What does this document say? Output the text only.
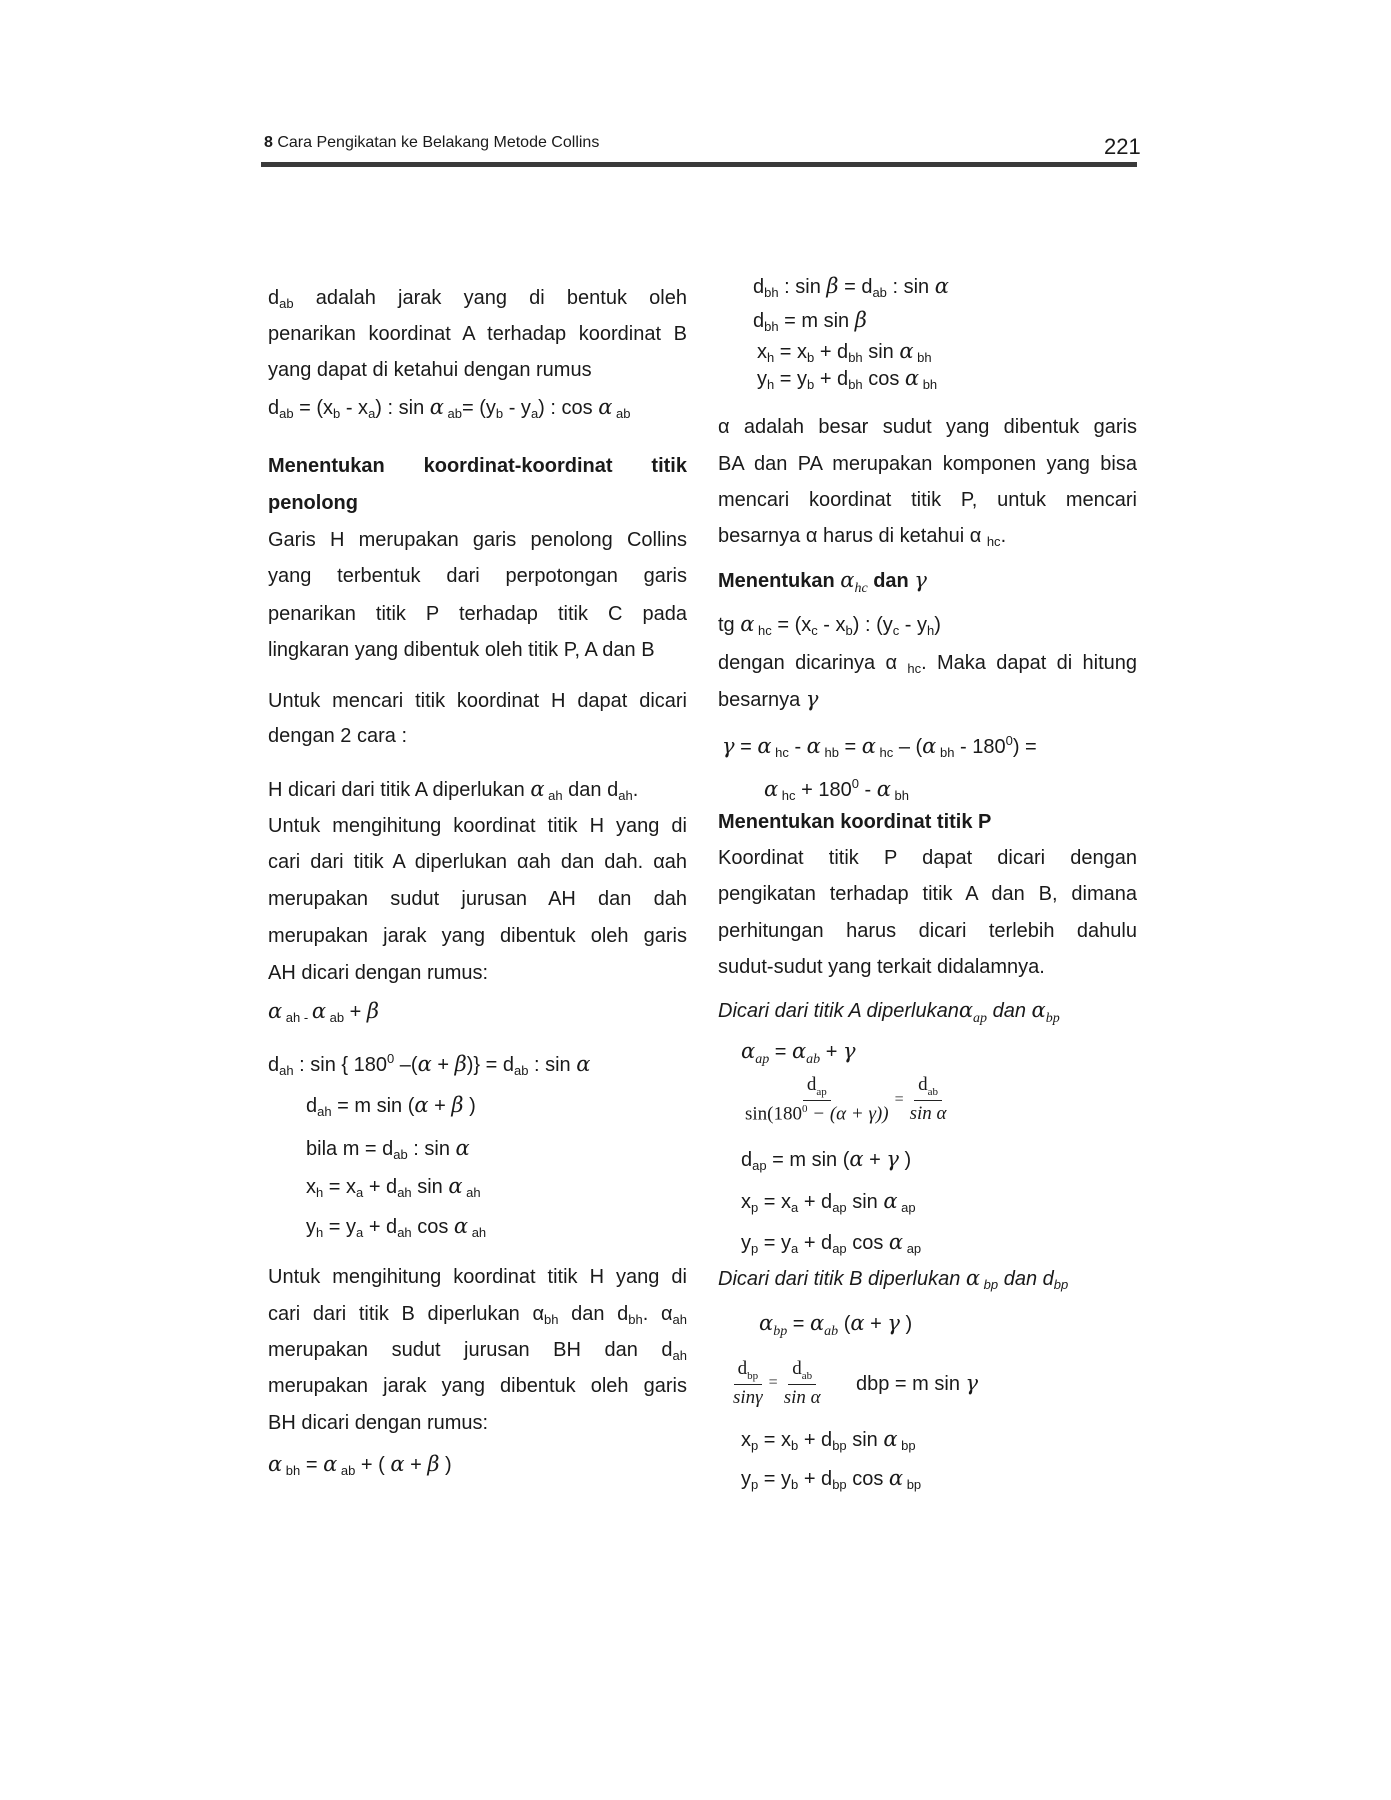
8 Cara Pengikatan ke Belakang Metode Collins	221
$d_{ab}$ adalah jarak yang di bentuk oleh
penarikan koordinat A terhadap koordinat B
yang dapat di ketahui dengan rumus
$d_{ab} = (x_b - x_a)$ : sin α $_{ab}= (y_b - y_a)$ : cos α $_{ab}$
Menentukan koordinat-koordinat titik
penolong
Garis H merupakan garis penolong Collins
yang terbentuk dari perpotongan garis
penarikan titik P terhadap titik C pada
lingkaran yang dibentuk oleh titik P, A dan B
Untuk mencari titik koordinat H dapat dicari
dengan 2 cara :
H dicari dari titik A diperlukan α $_{ah}$ dan $d_{ah}$.
Untuk mengihitung koordinat titik H yang di
cari dari titik A diperlukan αah dan dah. αah
merupakan sudut jurusan AH dan dah
merupakan jarak yang dibentuk oleh garis
AH dicari dengan rumus:
α $_{ah -}$ α $_{ab}$ + β
$d_{ah}$ : sin { $180^0$ $-(\alpha + \beta)\} = d_{ab}$ : sin α
$d_{ah} = m$ sin (α + β )
bila $m = d_{ab}$ : sin α
$x_h = x_a + d_{ah}$ sin α $_{ah}$
$y_h = y_a + d_{ah}$ cos α $_{ah}$
Untuk mengihitung koordinat titik H yang di
cari dari titik B diperlukan $\alpha_{bh}$ dan $d_{bh}$. $\alpha_{ah}$
merupakan sudut jurusan BH dan $d_{ah}$
merupakan jarak yang dibentuk oleh garis
BH dicari dengan rumus:
α $_{bh}$ = α $_{ab}$ + ( α + β )
$d_{bh}$ : $\sin \beta = d_{ab}$ : sin α
$d_{bh} = m$ sin β
$x_h = x_b + d_{bh}$ sin α $_{bh}$
$y_h = y_b + d_{bh}$ cos α $_{bh}$
α adalah besar sudut yang dibentuk garis
BA dan PA merupakan komponen yang bisa
mencari koordinat titik P, untuk mencari
besarnya α harus di ketahui α $_{hc}$.
Menentukan $\alpha_{hc}$ dan γ
tg α $_{hc} = (x_c - x_b)$ : $(y_c - y_h)$
dengan dicarinya α $_{hc}$. Maka dapat di hitung
besarnya γ
γ = α $_{hc}$ - α $_{hb}$ = α $_{hc}$ – (α $_{bh} - 180^0$) =
α $_{hc} + 180^0 - \alpha$ $_{bh}$
Menentukan koordinat titik P
Koordinat titik P dapat dicari dengan
pengikatan terhadap titik A dan B, dimana
perhitungan harus dicari terlebih dahulu
sudut-sudut yang terkait didalamnya.
Dicari dari titik A diperlukanα$_{ap}$ dan $\alpha_{bp}$
$\alpha_{ap} = \alpha_{ab} + \gamma$
$\frac{d_{ap}}{\sin(180^0 - (\alpha + \gamma))} = \frac{d_{ab}}{\text{sin α}}$
$d_{ap} = m$ sin (α + γ )
$x_p = x_a + d_{ap}$ sin α $_{ap}$
$y_p = y_a + d_{ap}$ cos α $_{ap}$
Dicari dari titik B diperlukan α $_{bp}$ dan $d_{bp}$
$\alpha_{bp} = \alpha_{ab}$ (α + γ )
$\frac{d_{bp}}{\sin\gamma} = \frac{d_{ab}}{\text{sin α}}$ dbp = m sin γ
$x_p = x_b + d_{bp}$ sin α $_{bp}$
$y_p = y_b + d_{bp}$ cos α $_{bp}$
